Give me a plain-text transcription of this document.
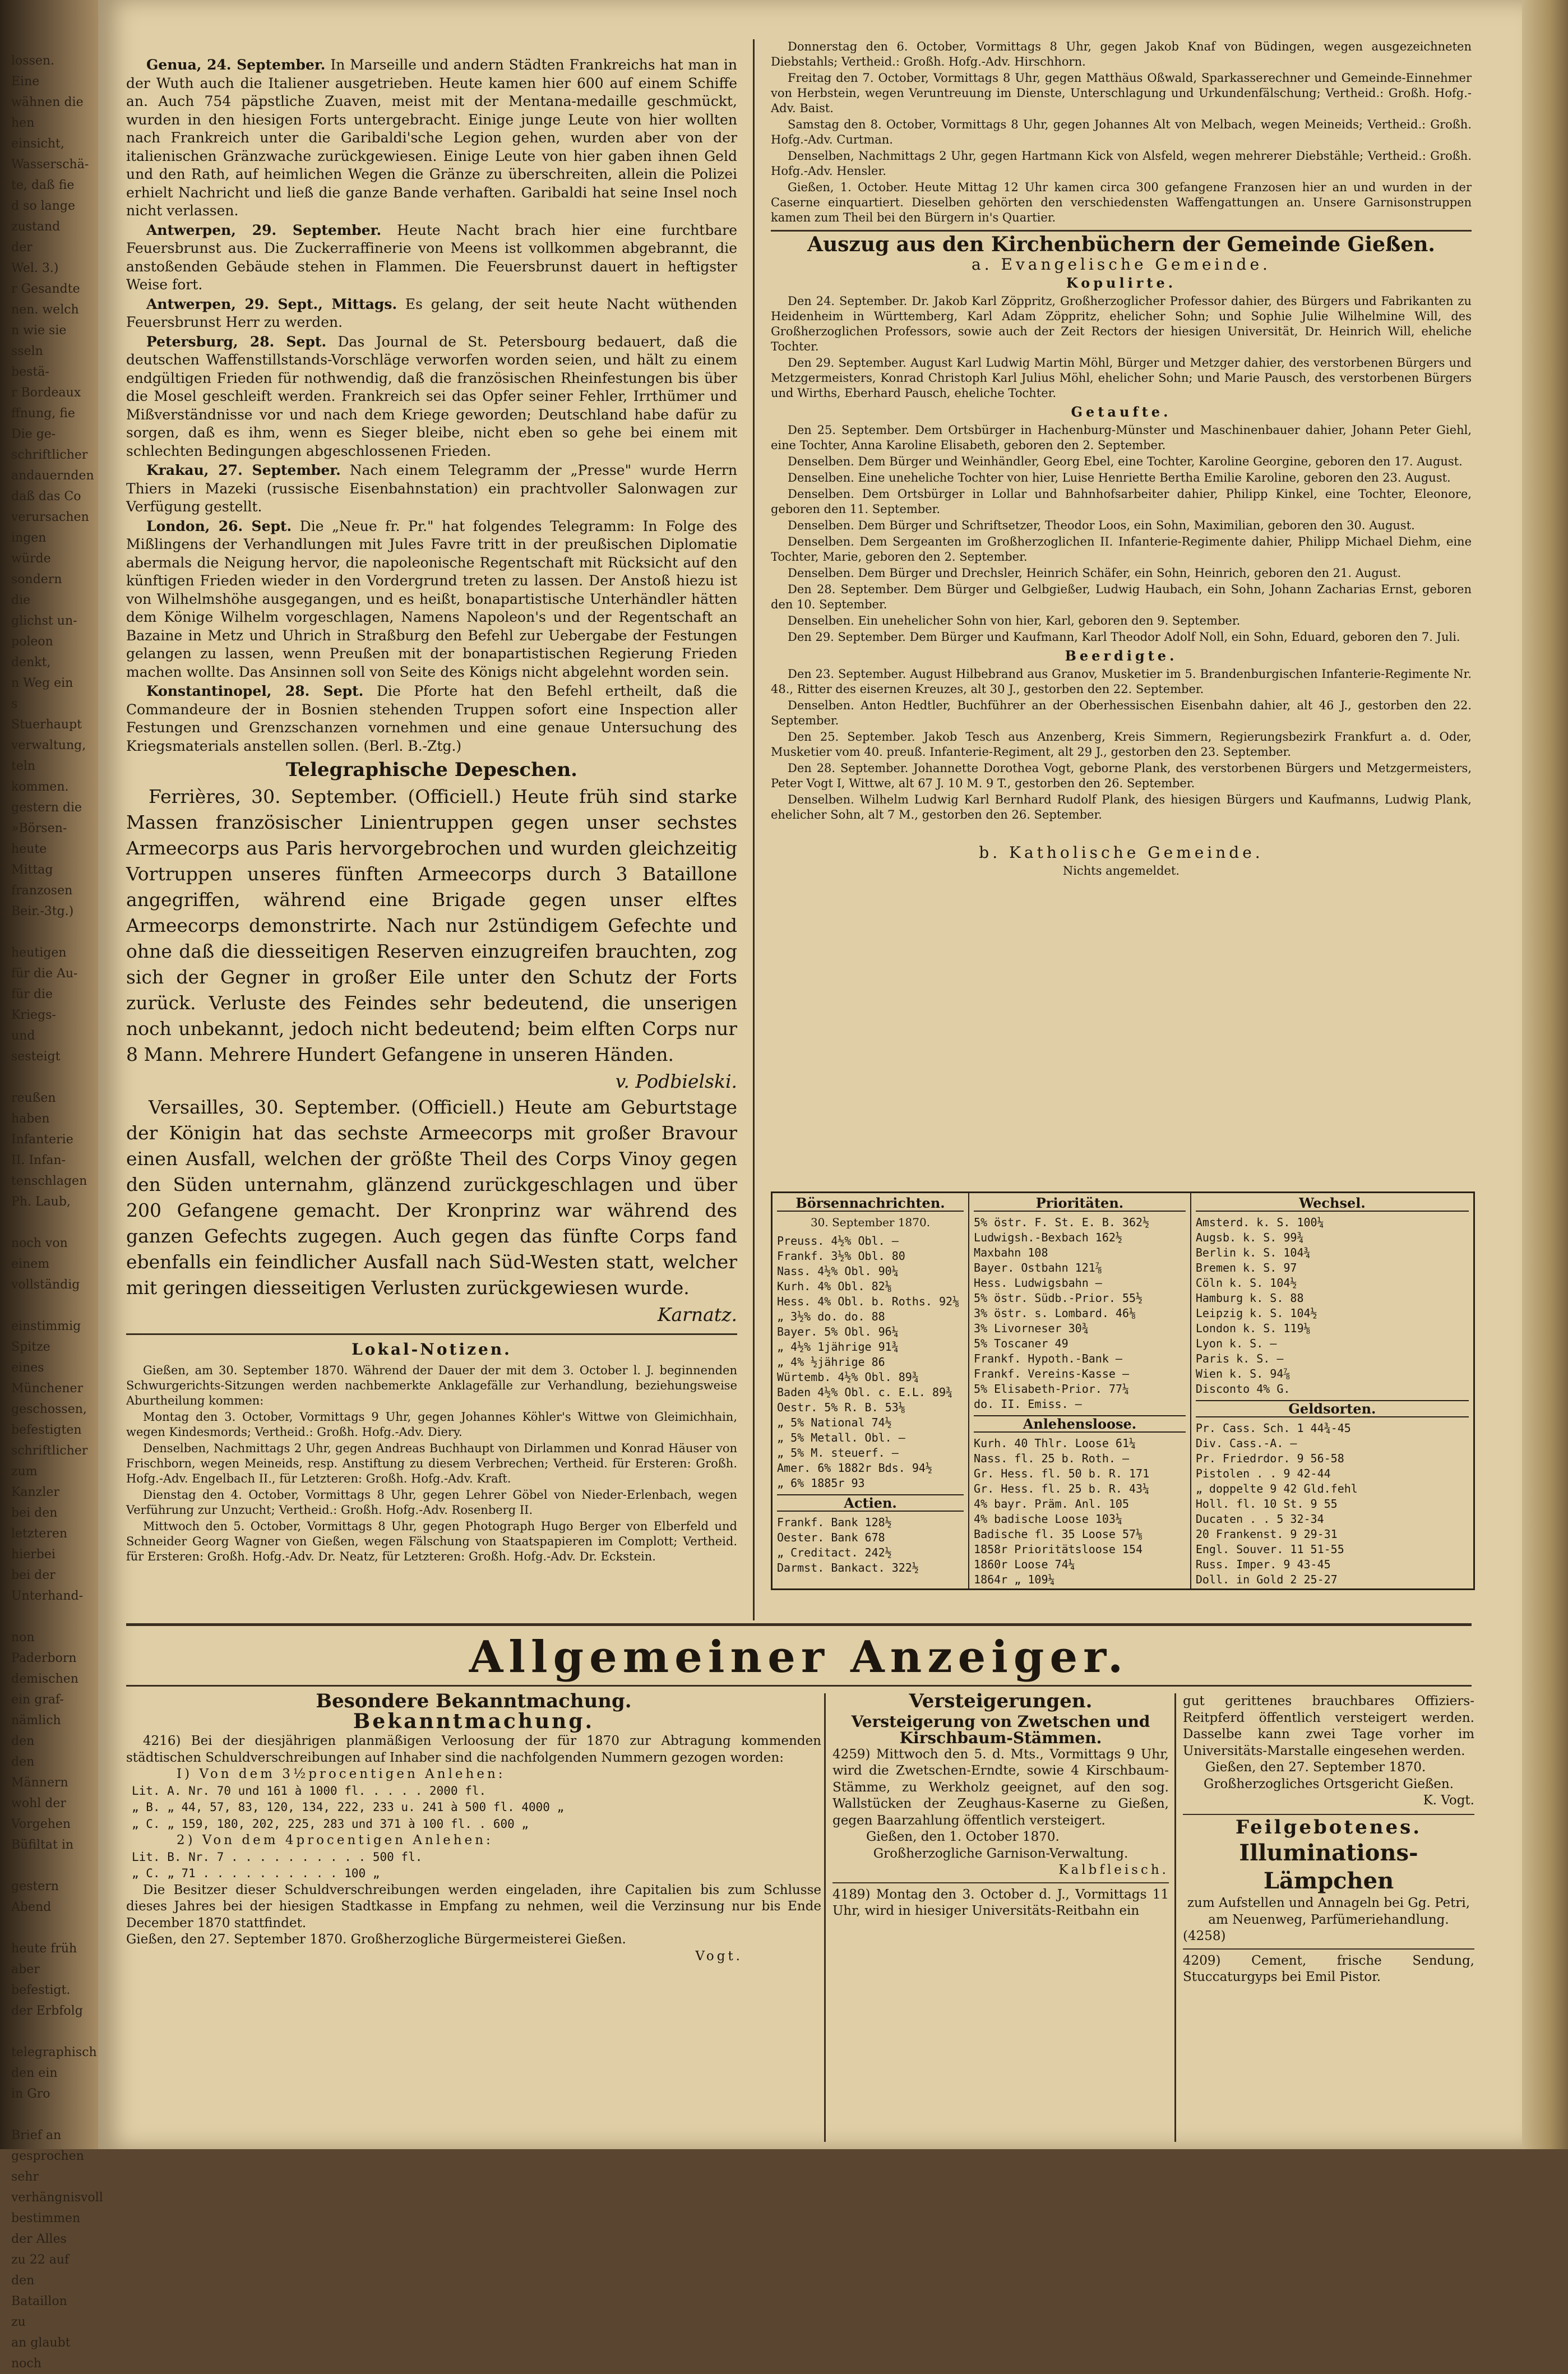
lossen. Eine
wähnen die
hen einsicht,
Wasserschä-
te, daß fie
d so lange
zustand der
Wel. 3.)
r Gesandte
nen. welch
n wie sie
sseln bestä-
r Bordeaux
ffnung, fie
Die ge-
schriftlicher
andauernden
daß das Co
verursachen
ingen würde
sondern die
glichst un-
poleon denkt,
n Weg ein
s Stuerhaupt
verwaltung,
teln kommen.
gestern die
»Börsen-
heute Mittag
franzosen
Beir.-3tg.)

heutigen
für die Au-
für die
Kriegs-
und
sesteigt

reußen haben
Infanterie
II. Infan-
tenschlagen
Ph. Laub,

noch von einem
vollständig

einstimmig
Spitze eines
Münchener
geschossen,
befestigten
schriftlicher
zum Kanzler
bei den
letzteren
hierbei
bei der
Unterhand-

non Paderborn
demischen
ein graf-
nämlich den
den Männern
wohl der
Vorgehen
Büfiltat in

gestern Abend

heute früh
aber befestigt.
der Erbfolg

telegraphisch
den ein
in Gro

Brief an
gesprochen
sehr verhängnisvoll
bestimmen
der Alles
zu 22 auf den
Bataillon zu
an glaubt
noch

Genua, 24. September. In Marseille und andern Städten Frankreichs hat man in der Wuth auch die Italiener ausgetrieben. Heute kamen hier 600 auf einem Schiffe an. Auch 754 päpstliche Zuaven, meist mit der Mentana-medaille geschmückt, wurden in den hiesigen Forts untergebracht. Einige junge Leute von hier wollten nach Frankreich unter die Garibaldi'sche Legion gehen, wurden aber von der italienischen Gränzwache zurückgewiesen. Einige Leute von hier gaben ihnen Geld und den Rath, auf heimlichen Wegen die Gränze zu überschreiten, allein die Polizei erhielt Nachricht und ließ die ganze Bande verhaften. Garibaldi hat seine Insel noch nicht verlassen.

Antwerpen, 29. September. Heute Nacht brach hier eine furchtbare Feuersbrunst aus. Die Zuckerraffinerie von Meens ist vollkommen abgebrannt, die anstoßenden Gebäude stehen in Flammen. Die Feuersbrunst dauert in heftigster Weise fort.

Antwerpen, 29. Sept., Mittags. Es gelang, der seit heute Nacht wüthenden Feuersbrunst Herr zu werden.

Petersburg, 28. Sept. Das Journal de St. Petersbourg bedauert, daß die deutschen Waffenstillstands-Vorschläge verworfen worden seien, und hält zu einem endgültigen Frieden für nothwendig, daß die französischen Rheinfestungen bis über die Mosel geschleift werden. Frankreich sei das Opfer seiner Fehler, Irrthümer und Mißverständnisse vor und nach dem Kriege geworden; Deutschland habe dafür zu sorgen, daß es ihm, wenn es Sieger bleibe, nicht eben so gehe bei einem mit schlechten Bedingungen abgeschlossenen Frieden.

Krakau, 27. September. Nach einem Telegramm der „Presse" wurde Herrn Thiers in Mazeki (russische Eisenbahnstation) ein prachtvoller Salonwagen zur Verfügung gestellt.

London, 26. Sept. Die „Neue fr. Pr." hat folgendes Telegramm: In Folge des Mißlingens der Verhandlungen mit Jules Favre tritt in der preußischen Diplomatie abermals die Neigung hervor, die napoleonische Regentschaft mit Rücksicht auf den künftigen Frieden wieder in den Vordergrund treten zu lassen. Der Anstoß hiezu ist von Wilhelmshöhe ausgegangen, und es heißt, bonapartistische Unterhändler hätten dem Könige Wilhelm vorgeschlagen, Namens Napoleon's und der Regentschaft an Bazaine in Metz und Uhrich in Straßburg den Befehl zur Uebergabe der Festungen gelangen zu lassen, wenn Preußen mit der bonapartistischen Regierung Frieden machen wollte. Das Ansinnen soll von Seite des Königs nicht abgelehnt worden sein.

Konstantinopel, 28. Sept. Die Pforte hat den Befehl ertheilt, daß die Commandeure der in Bosnien stehenden Truppen sofort eine Inspection aller Festungen und Grenzschanzen vornehmen und eine genaue Untersuchung des Kriegsmaterials anstellen sollen. (Berl. B.-Ztg.)

Telegraphische Depeschen.

Ferrières, 30. September. (Officiell.) Heute früh sind starke Massen französischer Linientruppen gegen unser sechstes Armeecorps aus Paris hervorgebrochen und wurden gleichzeitig Vortruppen unseres fünften Armeecorps durch 3 Bataillone angegriffen, während eine Brigade gegen unser elftes Armeecorps demonstrirte. Nach nur 2stündigem Gefechte und ohne daß die diesseitigen Reserven einzugreifen brauchten, zog sich der Gegner in großer Eile unter den Schutz der Forts zurück. Verluste des Feindes sehr bedeutend, die unserigen noch unbekannt, jedoch nicht bedeutend; beim elften Corps nur 8 Mann. Mehrere Hundert Gefangene in unseren Händen.

v. Podbielski.

Versailles, 30. September. (Officiell.) Heute am Geburtstage der Königin hat das sechste Armeecorps mit großer Bravour einen Ausfall, welchen der größte Theil des Corps Vinoy gegen den Süden unternahm, glänzend zurückgeschlagen und über 200 Gefangene gemacht. Der Kronprinz war während des ganzen Gefechts zugegen. Auch gegen das fünfte Corps fand ebenfalls ein feindlicher Ausfall nach Süd-Westen statt, welcher mit geringen diesseitigen Verlusten zurückgewiesen wurde.

Karnatz.
Lokal-Notizen.

Gießen, am 30. September 1870. Während der Dauer der mit dem 3. October l. J. beginnenden Schwurgerichts-Sitzungen werden nachbemerkte Anklagefälle zur Verhandlung, beziehungsweise Aburtheilung kommen:

Montag den 3. October, Vormittags 9 Uhr, gegen Johannes Köhler's Wittwe von Gleimichhain, wegen Kindesmords; Vertheid.: Großh. Hofg.-Adv. Diery.

Denselben, Nachmittags 2 Uhr, gegen Andreas Buchhaupt von Dirlammen und Konrad Häuser von Frischborn, wegen Meineids, resp. Anstiftung zu diesem Verbrechen; Vertheid. für Ersteren: Großh. Hofg.-Adv. Engelbach II., für Letzteren: Großh. Hofg.-Adv. Kraft.

Dienstag den 4. October, Vormittags 8 Uhr, gegen Lehrer Göbel von Nieder-Erlenbach, wegen Verführung zur Unzucht; Vertheid.: Großh. Hofg.-Adv. Rosenberg II.

Mittwoch den 5. October, Vormittags 8 Uhr, gegen Photograph Hugo Berger von Elberfeld und Schneider Georg Wagner von Gießen, wegen Fälschung von Staatspapieren im Complott; Vertheid. für Ersteren: Großh. Hofg.-Adv. Dr. Neatz, für Letzteren: Großh. Hofg.-Adv. Dr. Eckstein.

Donnerstag den 6. October, Vormittags 8 Uhr, gegen Jakob Knaf von Büdingen, wegen ausgezeichneten Diebstahls; Vertheid.: Großh. Hofg.-Adv. Hirschhorn.

Freitag den 7. October, Vormittags 8 Uhr, gegen Matthäus Oßwald, Sparkasserechner und Gemeinde-Einnehmer von Herbstein, wegen Veruntreuung im Dienste, Unterschlagung und Urkundenfälschung; Vertheid.: Großh. Hofg.-Adv. Baist.

Samstag den 8. October, Vormittags 8 Uhr, gegen Johannes Alt von Melbach, wegen Meineids; Vertheid.: Großh. Hofg.-Adv. Curtman.

Denselben, Nachmittags 2 Uhr, gegen Hartmann Kick von Alsfeld, wegen mehrerer Diebstähle; Vertheid.: Großh. Hofg.-Adv. Hensler.

Gießen, 1. October. Heute Mittag 12 Uhr kamen circa 300 gefangene Franzosen hier an und wurden in der Caserne einquartiert. Dieselben gehörten den verschiedensten Waffengattungen an. Unsere Garnisonstruppen kamen zum Theil bei den Bürgern in's Quartier.

Auszug aus den Kirchenbüchern der Gemeinde Gießen.
a. Evangelische Gemeinde.
Kopulirte.

Den 24. September. Dr. Jakob Karl Zöppritz, Großherzoglicher Professor dahier, des Bürgers und Fabrikanten zu Heidenheim in Württemberg, Karl Adam Zöppritz, ehelicher Sohn; und Sophie Julie Wilhelmine Will, des Großherzoglichen Professors, sowie auch der Zeit Rectors der hiesigen Universität, Dr. Heinrich Will, eheliche Tochter.

Den 29. September. August Karl Ludwig Martin Möhl, Bürger und Metzger dahier, des verstorbenen Bürgers und Metzgermeisters, Konrad Christoph Karl Julius Möhl, ehelicher Sohn; und Marie Pausch, des verstorbenen Bürgers und Wirths, Eberhard Pausch, eheliche Tochter.

Getaufte.

Den 25. September. Dem Ortsbürger in Hachenburg-Münster und Maschinenbauer dahier, Johann Peter Giehl, eine Tochter, Anna Karoline Elisabeth, geboren den 2. September.

Denselben. Dem Bürger und Weinhändler, Georg Ebel, eine Tochter, Karoline Georgine, geboren den 17. August.

Denselben. Eine uneheliche Tochter von hier, Luise Henriette Bertha Emilie Karoline, geboren den 23. August.

Denselben. Dem Ortsbürger in Lollar und Bahnhofsarbeiter dahier, Philipp Kinkel, eine Tochter, Eleonore, geboren den 11. September.

Denselben. Dem Bürger und Schriftsetzer, Theodor Loos, ein Sohn, Maximilian, geboren den 30. August.

Denselben. Dem Sergeanten im Großherzoglichen II. Infanterie-Regimente dahier, Philipp Michael Diehm, eine Tochter, Marie, geboren den 2. September.

Denselben. Dem Bürger und Drechsler, Heinrich Schäfer, ein Sohn, Heinrich, geboren den 21. August.

Den 28. September. Dem Bürger und Gelbgießer, Ludwig Haubach, ein Sohn, Johann Zacharias Ernst, geboren den 10. September.

Denselben. Ein unehelicher Sohn von hier, Karl, geboren den 9. September.

Den 29. September. Dem Bürger und Kaufmann, Karl Theodor Adolf Noll, ein Sohn, Eduard, geboren den 7. Juli.

Beerdigte.

Den 23. September. August Hilbebrand aus Granov, Musketier im 5. Brandenburgischen Infanterie-Regimente Nr. 48., Ritter des eisernen Kreuzes, alt 30 J., gestorben den 22. September.

Denselben. Anton Hedtler, Buchführer an der Oberhessischen Eisenbahn dahier, alt 46 J., gestorben den 22. September.

Den 25. September. Jakob Tesch aus Anzenberg, Kreis Simmern, Regierungsbezirk Frankfurt a. d. Oder, Musketier vom 40. preuß. Infanterie-Regiment, alt 29 J., gestorben den 23. September.

Den 28. September. Johannette Dorothea Vogt, geborne Plank, des verstorbenen Bürgers und Metzgermeisters, Peter Vogt I, Wittwe, alt 67 J. 10 M. 9 T., gestorben den 26. September.

Denselben. Wilhelm Ludwig Karl Bernhard Rudolf Plank, des hiesigen Bürgers und Kaufmanns, Ludwig Plank, ehelicher Sohn, alt 7 M., gestorben den 26. September.

b. Katholische Gemeinde.
Nichts angemeldet.
Börsennachrichten.
30. September 1870.
Preuss. 4½% Obl. —
Frankf. 3½% Obl. 80
Nass. 4½% Obl. 90¼
Kurh. 4% Obl. 82⅛
Hess. 4% Obl. b. Roths. 92⅛
„ 3½% do. do. 88
Bayer. 5% Obl. 96¼
„ 4½% 1jährige 91¾
„ 4% ½jährige 86
Würtemb. 4½% Obl. 89¾
Baden 4½% Obl. c. E.L. 89¾
Oestr. 5% R. B. 53⅛
„ 5% National 74½
„ 5% Metall. Obl. —
„ 5% M. steuerf. —
Amer. 6% 1882r Bds. 94½
„ 6% 1885r 93
Actien.
Frankf. Bank 128½
Oester. Bank 678
„ Creditact. 242½
Darmst. Bankact. 322½
Prioritäten.
5% östr. F. St. E. B. 362½
Ludwigsh.-Bexbach 162½
Maxbahn 108
Bayer. Ostbahn 121⅞
Hess. Ludwigsbahn —
5% östr. Südb.-Prior. 55½
3% östr. s. Lombard. 46⅛
3% Livorneser 30¾
5% Toscaner 49
Frankf. Hypoth.-Bank —
Frankf. Vereins-Kasse —
5% Elisabeth-Prior. 77¼
do. II. Emiss. —
Anlehensloose.
Kurh. 40 Thlr. Loose 61¼
Nass. fl. 25 b. Roth. —
Gr. Hess. fl. 50 b. R. 171
Gr. Hess. fl. 25 b. R. 43¼
4% bayr. Präm. Anl. 105
4% badische Loose 103¼
Badische fl. 35 Loose 57⅛
1858r Prioritätsloose 154
1860r Loose 74¼
1864r „ 109¼
Wechsel.
Amsterd. k. S. 100¼
Augsb. k. S. 99¾
Berlin k. S. 104¾
Bremen k. S. 97
Cöln k. S. 104½
Hamburg k. S. 88
Leipzig k. S. 104½
London k. S. 119⅛
Lyon k. S. —
Paris k. S. —
Wien k. S. 94⅞
Disconto 4% G.
Geldsorten.
Pr. Cass. Sch. 1 44¾-45
Div. Cass.-A. —
Pr. Friedrdor. 9 56-58
Pistolen . . 9 42-44
„ doppelte 9 42 Gld.fehl
Holl. fl. 10 St. 9 55
Ducaten . . 5 32-34
20 Frankenst. 9 29-31
Engl. Souver. 11 51-55
Russ. Imper. 9 43-45
Doll. in Gold 2 25-27
Allgemeiner Anzeiger.
Besondere Bekanntmachung.
Bekanntmachung.

4216) Bei der diesjährigen planmäßigen Verloosung der für 1870 zur Abtragung kommenden städtischen Schuldverschreibungen auf Inhaber sind die nachfolgenden Nummern gezogen worden:

I) Von dem 3½procentigen Anlehen:
Lit. A. Nr. 70 und 161 à 1000 fl. . . . . 2000 fl.
„ B. „ 44, 57, 83, 120, 134, 222, 233 u. 241 à 500 fl. 4000 „
„ C. „ 159, 180, 202, 225, 283 und 371 à 100 fl. . 600 „
2) Von dem 4procentigen Anlehen:
Lit. B. Nr. 7 . . . . . . . . . . 500 fl.
„ C. „ 71 . . . . . . . . . . 100 „

Die Besitzer dieser Schuldverschreibungen werden eingeladen, ihre Capitalien bis zum Schlusse dieses Jahres bei der hiesigen Stadtkasse in Empfang zu nehmen, weil die Verzinsung nur bis Ende December 1870 stattfindet.

Gießen, den 27. September 1870. Großherzogliche Bürgermeisterei Gießen.

Vogt.
Versteigerungen.
Versteigerung von Zwetschen und Kirschbaum-Stämmen.

4259) Mittwoch den 5. d. Mts., Vormittags 9 Uhr, wird die Zwetschen-Erndte, sowie 4 Kirschbaum-Stämme, zu Werkholz geeignet, auf den sog. Wallstücken der Zeughaus-Kaserne zu Gießen, gegen Baarzahlung öffentlich versteigert.

Gießen, den 1. October 1870.
Großherzogliche Garnison-Verwaltung.
Kalbfleisch.

4189) Montag den 3. October d. J., Vormittags 11 Uhr, wird in hiesiger Universitäts-Reitbahn ein

gut gerittenes brauchbares Offiziers-Reitpferd öffentlich versteigert werden. Dasselbe kann zwei Tage vorher im Universitäts-Marstalle eingesehen werden.

Gießen, den 27. September 1870.
Großherzogliches Ortsgericht Gießen.
K. Vogt.
Feilgebotenes.
Illuminations-Lämpchen

zum Aufstellen und Annageln bei Gg. Petri, am Neuenweg, Parfümeriehandlung.

(4258)

4209) Cement, frische Sendung, Stuccaturgyps bei Emil Pistor.
